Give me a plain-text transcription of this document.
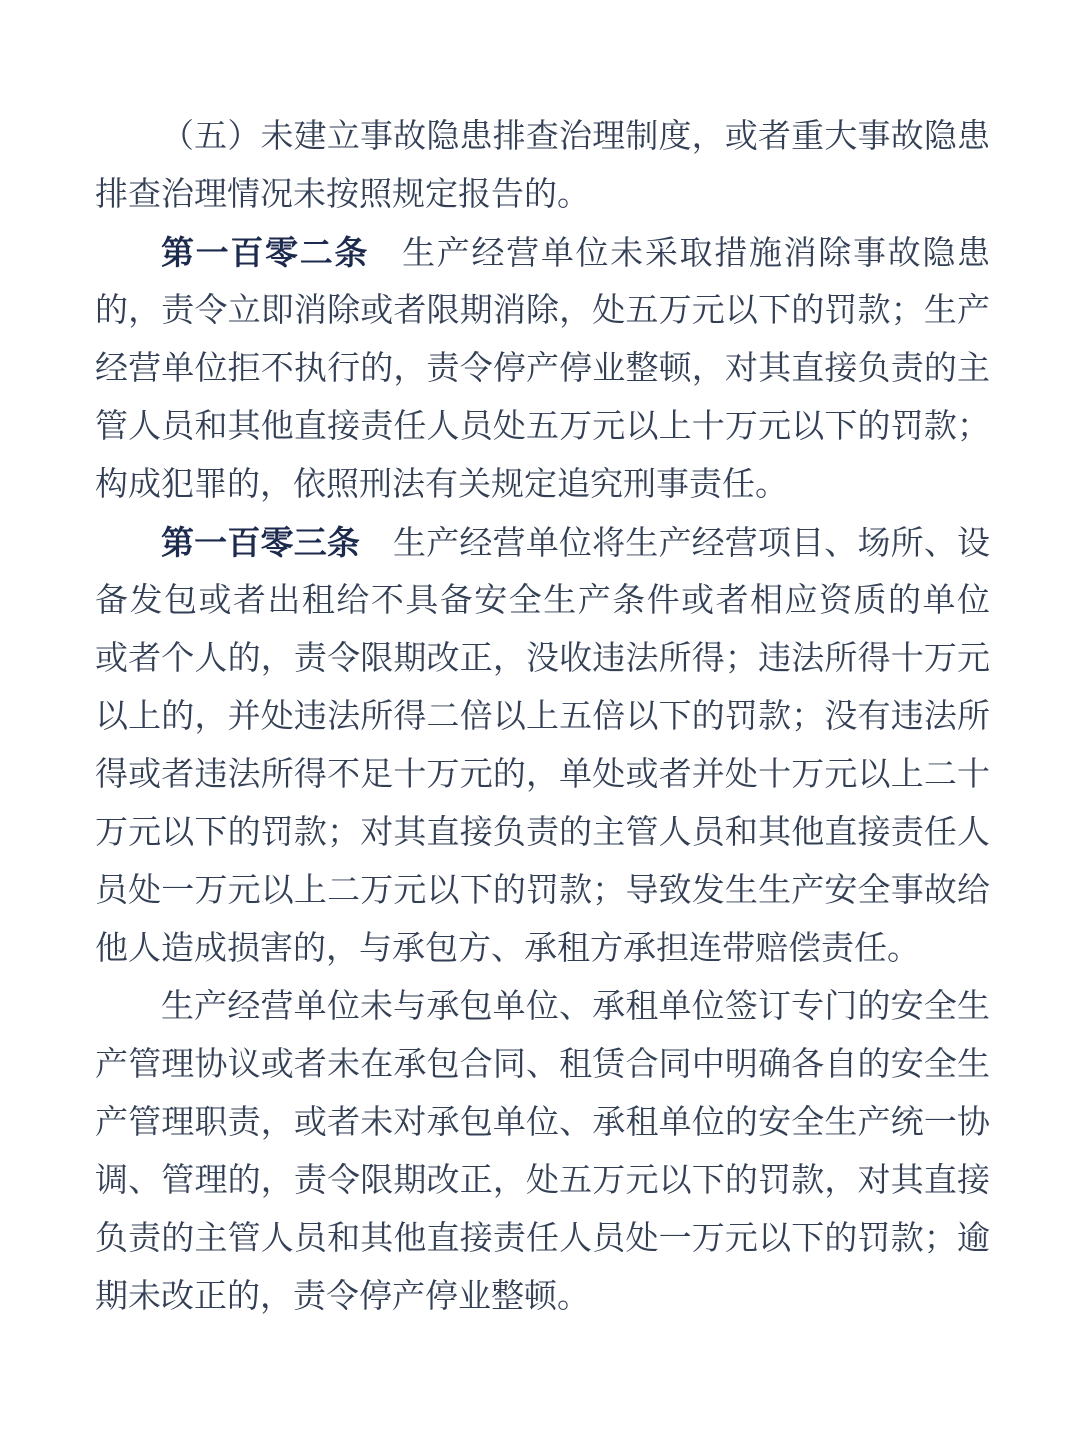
（五）未建立事故隐患排查治理制度，或者重大事故隐患
排查治理情况未按照规定报告的。
第一百零二条 生产经营单位未采取措施消除事故隐患
的，责令立即消除或者限期消除，处五万元以下的罚款；生产
经营单位拒不执行的，责令停产停业整顿，对其直接负责的主
管人员和其他直接责任人员处五万元以上十万元以下的罚款；
构成犯罪的，依照刑法有关规定追究刑事责任。
第一百零三条 生产经营单位将生产经营项目、场所、设
备发包或者出租给不具备安全生产条件或者相应资质的单位
或者个人的，责令限期改正，没收违法所得；违法所得十万元
以上的，并处违法所得二倍以上五倍以下的罚款；没有违法所
得或者违法所得不足十万元的，单处或者并处十万元以上二十
万元以下的罚款；对其直接负责的主管人员和其他直接责任人
员处一万元以上二万元以下的罚款；导致发生生产安全事故给
他人造成损害的，与承包方、承租方承担连带赔偿责任。
生产经营单位未与承包单位、承租单位签订专门的安全生
产管理协议或者未在承包合同、租赁合同中明确各自的安全生
产管理职责，或者未对承包单位、承租单位的安全生产统一协
调、管理的，责令限期改正，处五万元以下的罚款，对其直接
负责的主管人员和其他直接责任人员处一万元以下的罚款；逾
期未改正的，责令停产停业整顿。
